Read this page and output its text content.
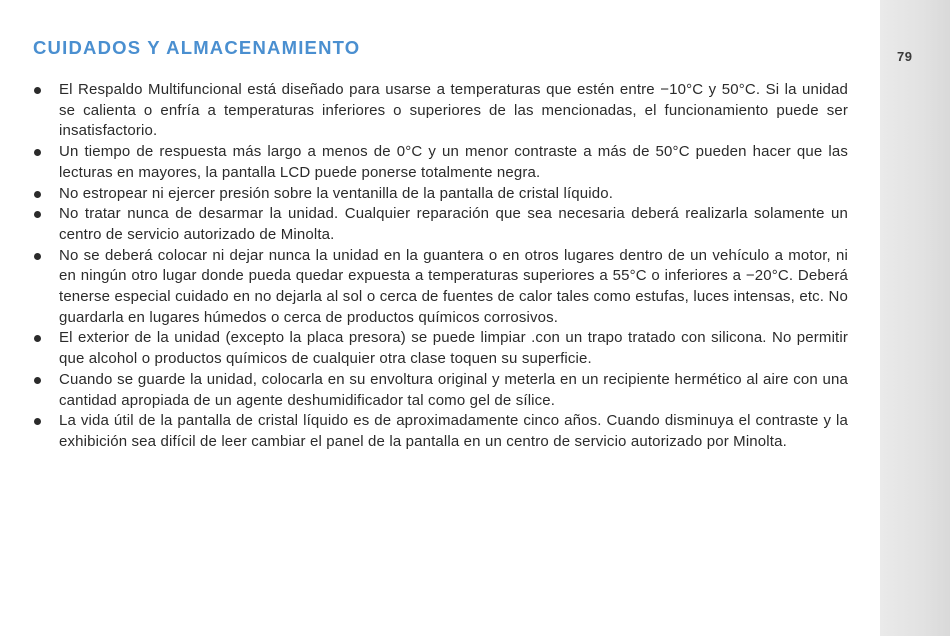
CUIDADOS Y ALMACENAMIENTO
El Respaldo Multifuncional está diseñado para usarse a temperaturas que estén entre −10°C y 50°C. Si la unidad se calienta o enfría a temperaturas inferiores o superiores de las mencionadas, el funcionamiento puede ser insatisfactorio.
Un tiempo de respuesta más largo a menos de 0°C y un menor contraste a más de 50°C pueden hacer que las lecturas en mayores, la pantalla LCD puede ponerse totalmente negra.
No estropear ni ejercer presión sobre la ventanilla de la pantalla de cristal líquido.
No tratar nunca de desarmar la unidad. Cualquier reparación que sea necesaria deberá realizarla solamente un centro de servicio autorizado de Minolta.
No se deberá colocar ni dejar nunca la unidad en la guantera o en otros lugares dentro de un vehículo a motor, ni en ningún otro lugar donde pueda quedar expuesta a temperaturas superiores a 55°C o inferiores a −20°C. Deberá tenerse especial cuidado en no dejarla al sol o cerca de fuentes de calor tales como estufas, luces intensas, etc. No guardarla en lugares húmedos o cerca de productos químicos corrosivos.
El exterior de la unidad (excepto la placa presora) se puede limpiar .con un trapo tratado con silicona. No permitir que alcohol o productos químicos de cualquier otra clase toquen su superficie.
Cuando se guarde la unidad, colocarla en su envoltura original y meterla en un recipiente hermético al aire con una cantidad apropiada de un agente deshumidificador tal como gel de sílice.
La vida útil de la pantalla de cristal líquido es de aproximadamente cinco años. Cuando disminuya el contraste y la exhibición sea difícil de leer cambiar el panel de la pantalla en un centro de servicio autorizado por Minolta.
79
